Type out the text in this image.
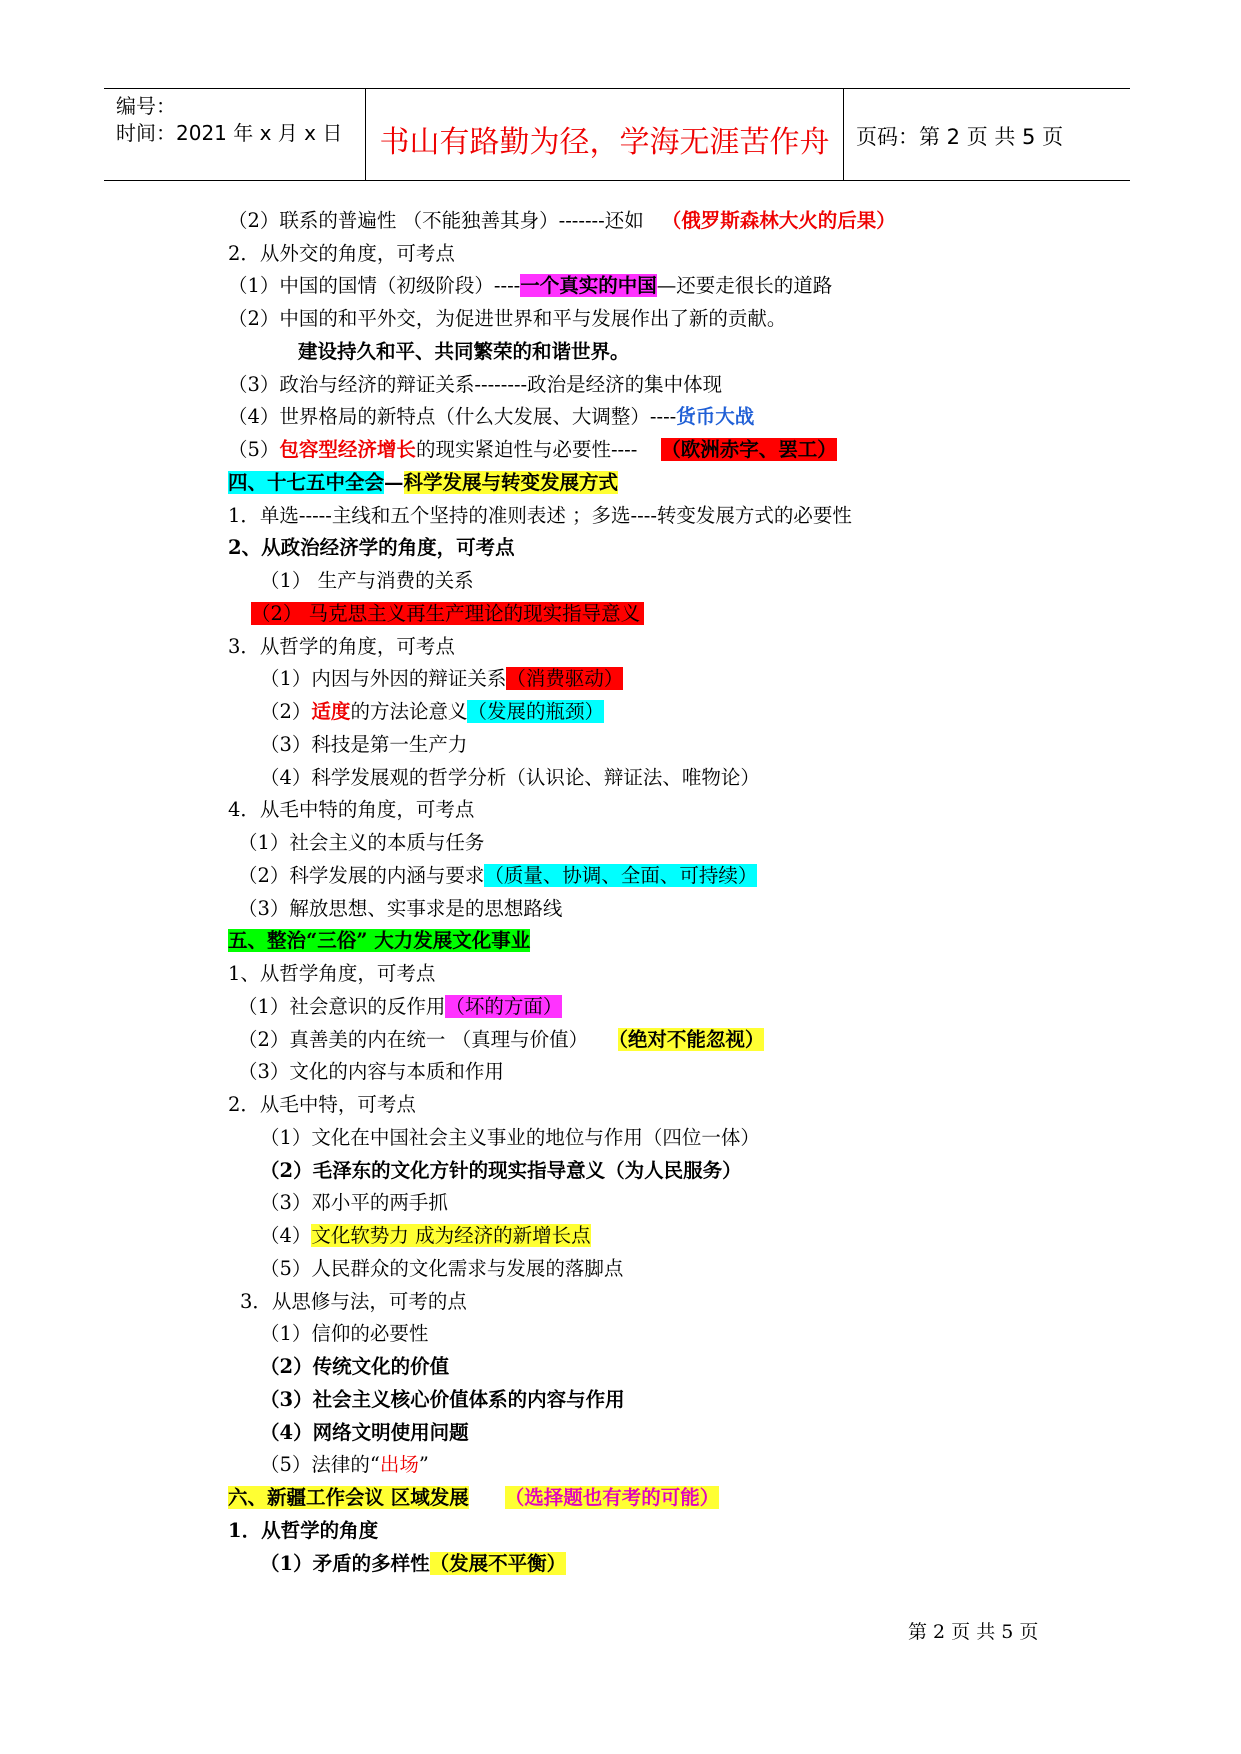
编号：
时间：2021 年 x 月 x 日	书山有路勤为径，学海无涯苦作舟	页码：第 2 页 共 5 页
（2）联系的普遍性 （不能独善其身）-------还如 （俄罗斯森林大火的后果）
2．从外交的角度，可考点
（1）中国的国情（初级阶段）----一个真实的中国—还要走很长的道路
（2）中国的和平外交，为促进世界和平与发展作出了新的贡献。
建设持久和平、共同繁荣的和谐世界。
（3）政治与经济的辩证关系--------政治是经济的集中体现
（4）世界格局的新特点（什么大发展、大调整）----货币大战
（5）包容型经济增长的现实紧迫性与必要性---- （欧洲赤字、罢工）
四、十七五中全会—科学发展与转变发展方式
1．单选-----主线和五个坚持的准则表述 ；多选----转变发展方式的必要性
2、从政治经济学的角度，可考点
（1） 生产与消费的关系
（2） 马克思主义再生产理论的现实指导意义
3．从哲学的角度，可考点
（1）内因与外因的辩证关系（消费驱动）
（2）适度的方法论意义（发展的瓶颈）
（3）科技是第一生产力
（4）科学发展观的哲学分析（认识论、辩证法、唯物论）
4．从毛中特的角度，可考点
（1）社会主义的本质与任务
（2）科学发展的内涵与要求（质量、协调、全面、可持续）
（3）解放思想、实事求是的思想路线
五、整治“三俗” 大力发展文化事业
1、从哲学角度，可考点
（1）社会意识的反作用（坏的方面）
（2）真善美的内在统一 （真理与价值） （绝对不能忽视）
（3）文化的内容与本质和作用
2．从毛中特，可考点
（1）文化在中国社会主义事业的地位与作用（四位一体）
（2）毛泽东的文化方针的现实指导意义（为人民服务）
（3）邓小平的两手抓
（4）文化软势力 成为经济的新增长点
（5）人民群众的文化需求与发展的落脚点
3．从思修与法，可考的点
（1）信仰的必要性
（2）传统文化的价值
（3）社会主义核心价值体系的内容与作用
（4）网络文明使用问题
（5）法律的“出场”
六、新疆工作会议 区域发展 （选择题也有考的可能）
1．从哲学的角度
（1）矛盾的多样性（发展不平衡）
第 2 页 共 5 页
